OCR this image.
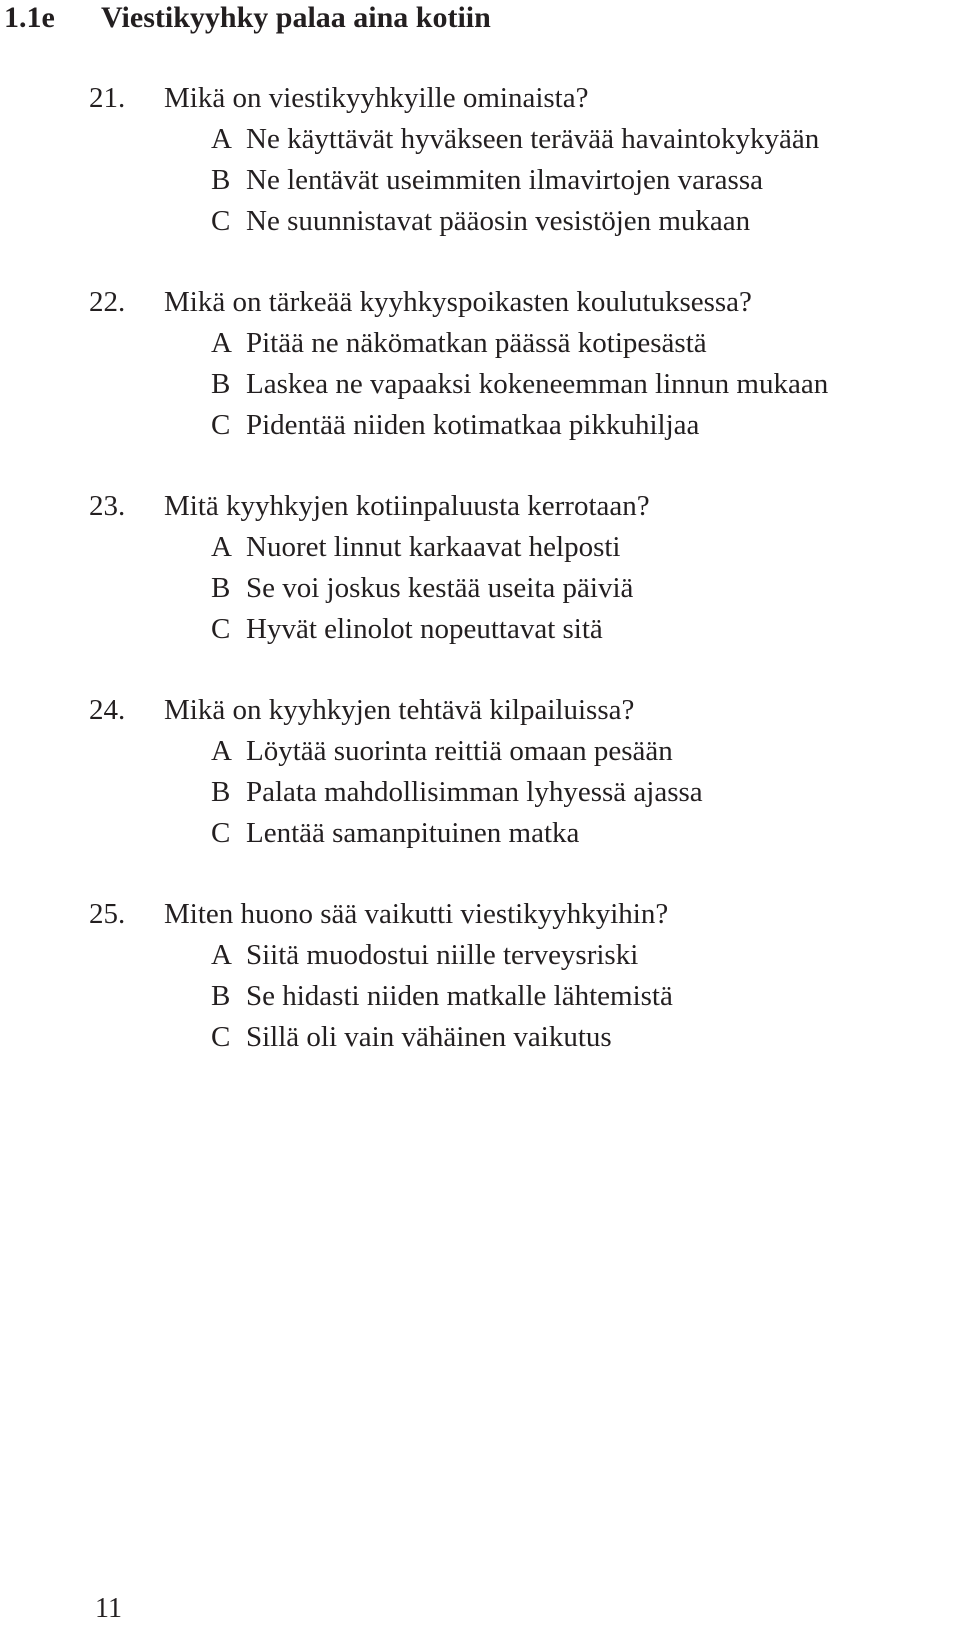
1.1e	Viestikyyhky palaa aina kotiin
21.	Mikä on viestikyyhkyille ominaista?
A Ne käyttävät hyväkseen terävää havaintokykyään
B Ne lentävät useimmiten ilmavirtojen varassa
C Ne suunnistavat pääosin vesistöjen mukaan
22.	Mikä on tärkeää kyyhkyspoikasten koulutuksessa?
A Pitää ne näkömatkan päässä kotipesästä
B Laskea ne vapaaksi kokeneemman linnun mukaan
C Pidentää niiden kotimatkaa pikkuhiljaa
23.	Mitä kyyhkyjen kotiinpaluusta kerrotaan?
A Nuoret linnut karkaavat helposti
B Se voi joskus kestää useita päiviä
C Hyvät elinolot nopeuttavat sitä
24.	Mikä on kyyhkyjen tehtävä kilpailuissa?
A Löytää suorinta reittiä omaan pesään
B Palata mahdollisimman lyhyessä ajassa
C Lentää samanpituinen matka
25.	Miten huono sää vaikutti viestikyyhkyihin?
A Siitä muodostui niille terveysriski
B Se hidasti niiden matkalle lähtemistä
C Sillä oli vain vähäinen vaikutus
11
